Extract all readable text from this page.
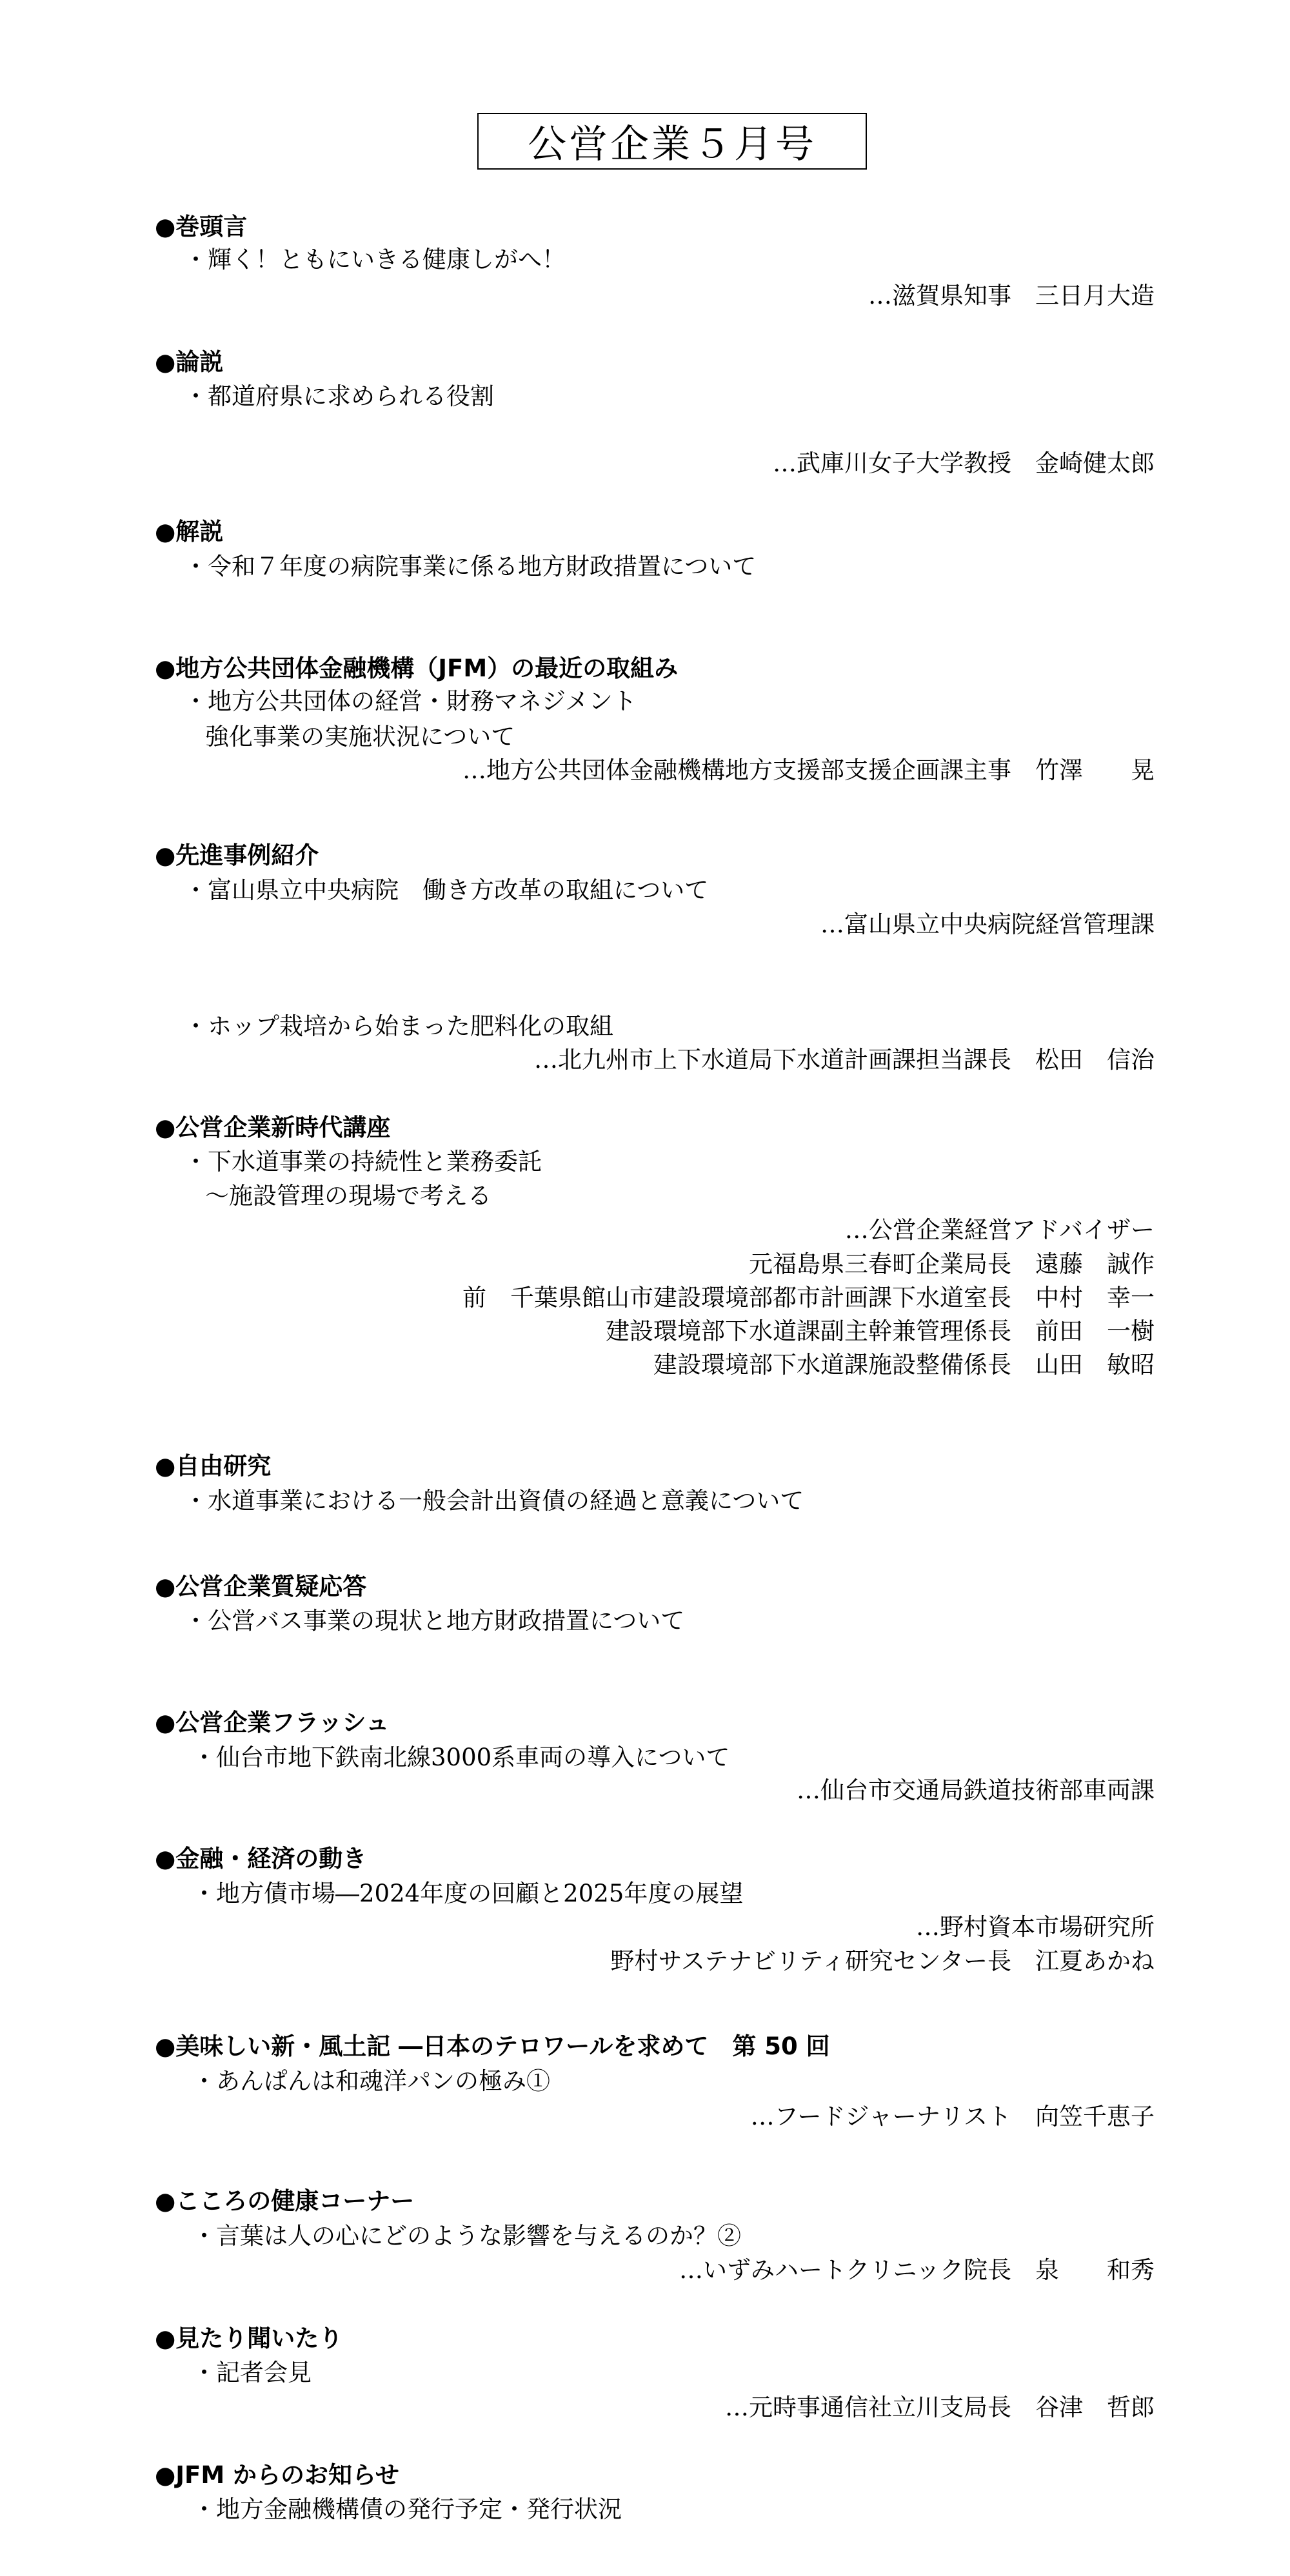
公営企業５月号
●巻頭言
・輝く！ともにいきる健康しがへ！
…滋賀県知事　三日月大造
●論説
・都道府県に求められる役割
…武庫川女子大学教授　金崎健太郎
●解説
・令和７年度の病院事業に係る地方財政措置について
●地方公共団体金融機構（JFM）の最近の取組み
・地方公共団体の経営・財務マネジメント
強化事業の実施状況について
…地方公共団体金融機構地方支援部支援企画課主事　竹澤　　晃
●先進事例紹介
・富山県立中央病院　働き方改革の取組について
…富山県立中央病院経営管理課
・ホップ栽培から始まった肥料化の取組
…北九州市上下水道局下水道計画課担当課長　松田　信治
●公営企業新時代講座
・下水道事業の持続性と業務委託
〜施設管理の現場で考える
…公営企業経営アドバイザー　　　　
元福島県三春町企業局長　遠藤　誠作
前　千葉県館山市建設環境部都市計画課下水道室長　中村　幸一
建設環境部下水道課副主幹兼管理係長　前田　一樹
建設環境部下水道課施設整備係長　山田　敏昭
●自由研究
・水道事業における一般会計出資債の経過と意義について
●公営企業質疑応答
・公営バス事業の現状と地方財政措置について
●公営企業フラッシュ
・仙台市地下鉄南北線3000系車両の導入について
…仙台市交通局鉄道技術部車両課
●金融・経済の動き
・地方債市場―2024年度の回顧と2025年度の展望
…野村資本市場研究所　　　　　
野村サステナビリティ研究センター長　江夏あかね
●美味しい新・風土記 ―日本のテロワールを求めて　第 50 回
・あんぱんは和魂洋パンの極み①
…フードジャーナリスト　向笠千恵子
●こころの健康コーナー
・言葉は人の心にどのような影響を与えるのか？②
…いずみハートクリニック院長　泉　　和秀
●見たり聞いたり
・記者会見
…元時事通信社立川支局長　谷津　哲郎
●JFM からのお知らせ
・地方金融機構債の発行予定・発行状況
